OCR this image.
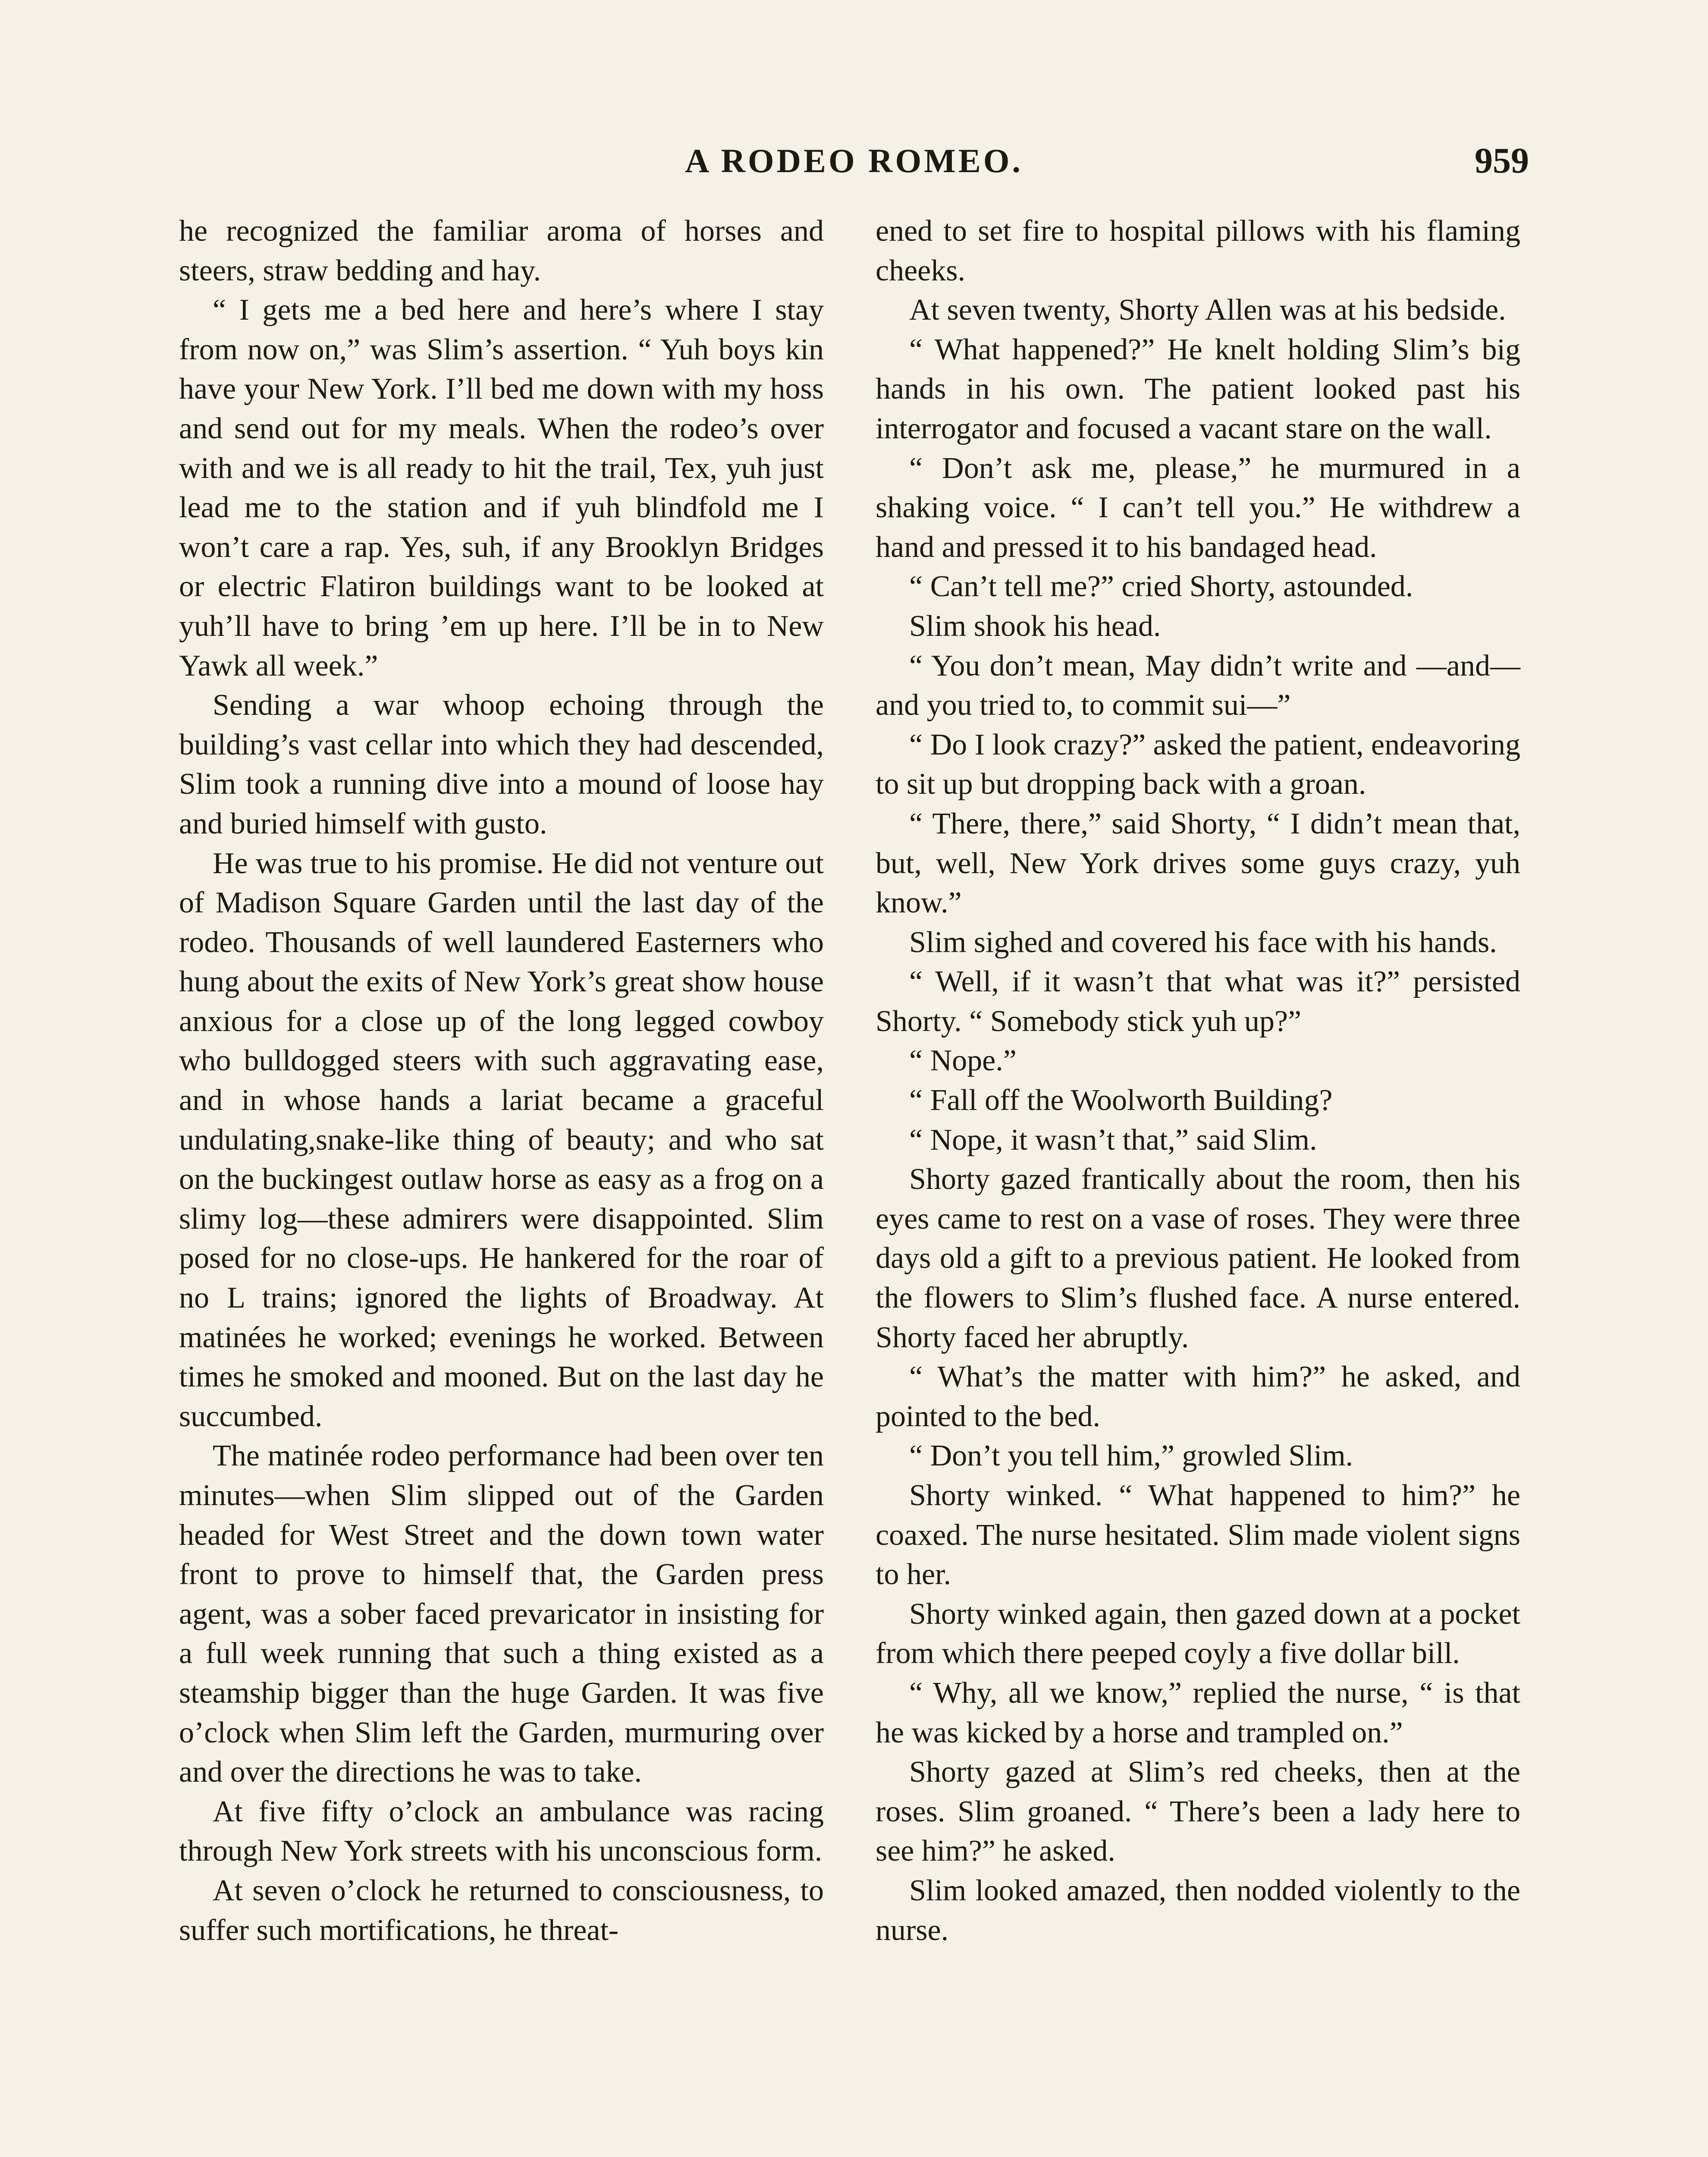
A RODEO ROMEO.	959

he recognized the familiar aroma of horses and steers, straw bedding and hay.

“ I gets me a bed here and here’s where I stay from now on,” was Slim’s assertion. “ Yuh boys kin have your New York. I’ll bed me down with my hoss and send out for my meals. When the rodeo’s over with and we is all ready to hit the trail, Tex, yuh just lead me to the station and if yuh blindfold me I won’t care a rap. Yes, suh, if any Brooklyn Bridges or electric Flatiron buildings want to be looked at yuh’ll have to bring ’em up here. I’ll be in to New Yawk all week.”

Sending a war whoop echoing through the building’s vast cellar into which they had descended, Slim took a running dive into a mound of loose hay and buried himself with gusto.

He was true to his promise. He did not venture out of Madison Square Garden until the last day of the rodeo. Thousands of well laundered Easterners who hung about the exits of New York’s great show house anxious for a close up of the long legged cowboy who bulldogged steers with such aggravating ease, and in whose hands a lariat became a graceful undulating,snake-like thing of beauty; and who sat on the buckingest outlaw horse as easy as a frog on a slimy log—these admirers were disappointed. Slim posed for no close-ups. He hankered for the roar of no L trains; ignored the lights of Broadway. At matinées he worked; evenings he worked. Between times he smoked and mooned. But on the last day he succumbed.

The matinée rodeo performance had been over ten minutes—when Slim slipped out of the Garden headed for West Street and the down town water front to prove to himself that, the Garden press agent, was a sober faced prevaricator in insisting for a full week running that such a thing existed as a steamship bigger than the huge Garden. It was five o’clock when Slim left the Garden, murmuring over and over the directions he was to take.

At five fifty o’clock an ambulance was racing through New York streets with his unconscious form.

At seven o’clock he returned to consciousness, to suffer such mortifications, he threat-

ened to set fire to hospital pillows with his flaming cheeks.

At seven twenty, Shorty Allen was at his bedside.

“ What happened?” He knelt holding Slim’s big hands in his own. The patient looked past his interrogator and focused a vacant stare on the wall.

“ Don’t ask me, please,” he murmured in a shaking voice. “ I can’t tell you.” He withdrew a hand and pressed it to his bandaged head.

“ Can’t tell me?” cried Shorty, astounded.

Slim shook his head.

“ You don’t mean, May didn’t write and —and—and you tried to, to commit sui—”

“ Do I look crazy?” asked the patient, endeavoring to sit up but dropping back with a groan.

“ There, there,” said Shorty, “ I didn’t mean that, but, well, New York drives some guys crazy, yuh know.”

Slim sighed and covered his face with his hands.

“ Well, if it wasn’t that what was it?” persisted Shorty. “ Somebody stick yuh up?”

“ Nope.”

“ Fall off the Woolworth Building?

“ Nope, it wasn’t that,” said Slim.

Shorty gazed frantically about the room, then his eyes came to rest on a vase of roses. They were three days old a gift to a previous patient. He looked from the flowers to Slim’s flushed face. A nurse entered. Shorty faced her abruptly.

“ What’s the matter with him?” he asked, and pointed to the bed.

“ Don’t you tell him,” growled Slim.

Shorty winked. “ What happened to him?” he coaxed. The nurse hesitated. Slim made violent signs to her.

Shorty winked again, then gazed down at a pocket from which there peeped coyly a five dollar bill.

“ Why, all we know,” replied the nurse, “ is that he was kicked by a horse and trampled on.”

Shorty gazed at Slim’s red cheeks, then at the roses. Slim groaned. “ There’s been a lady here to see him?” he asked.

Slim looked amazed, then nodded violently to the nurse.
